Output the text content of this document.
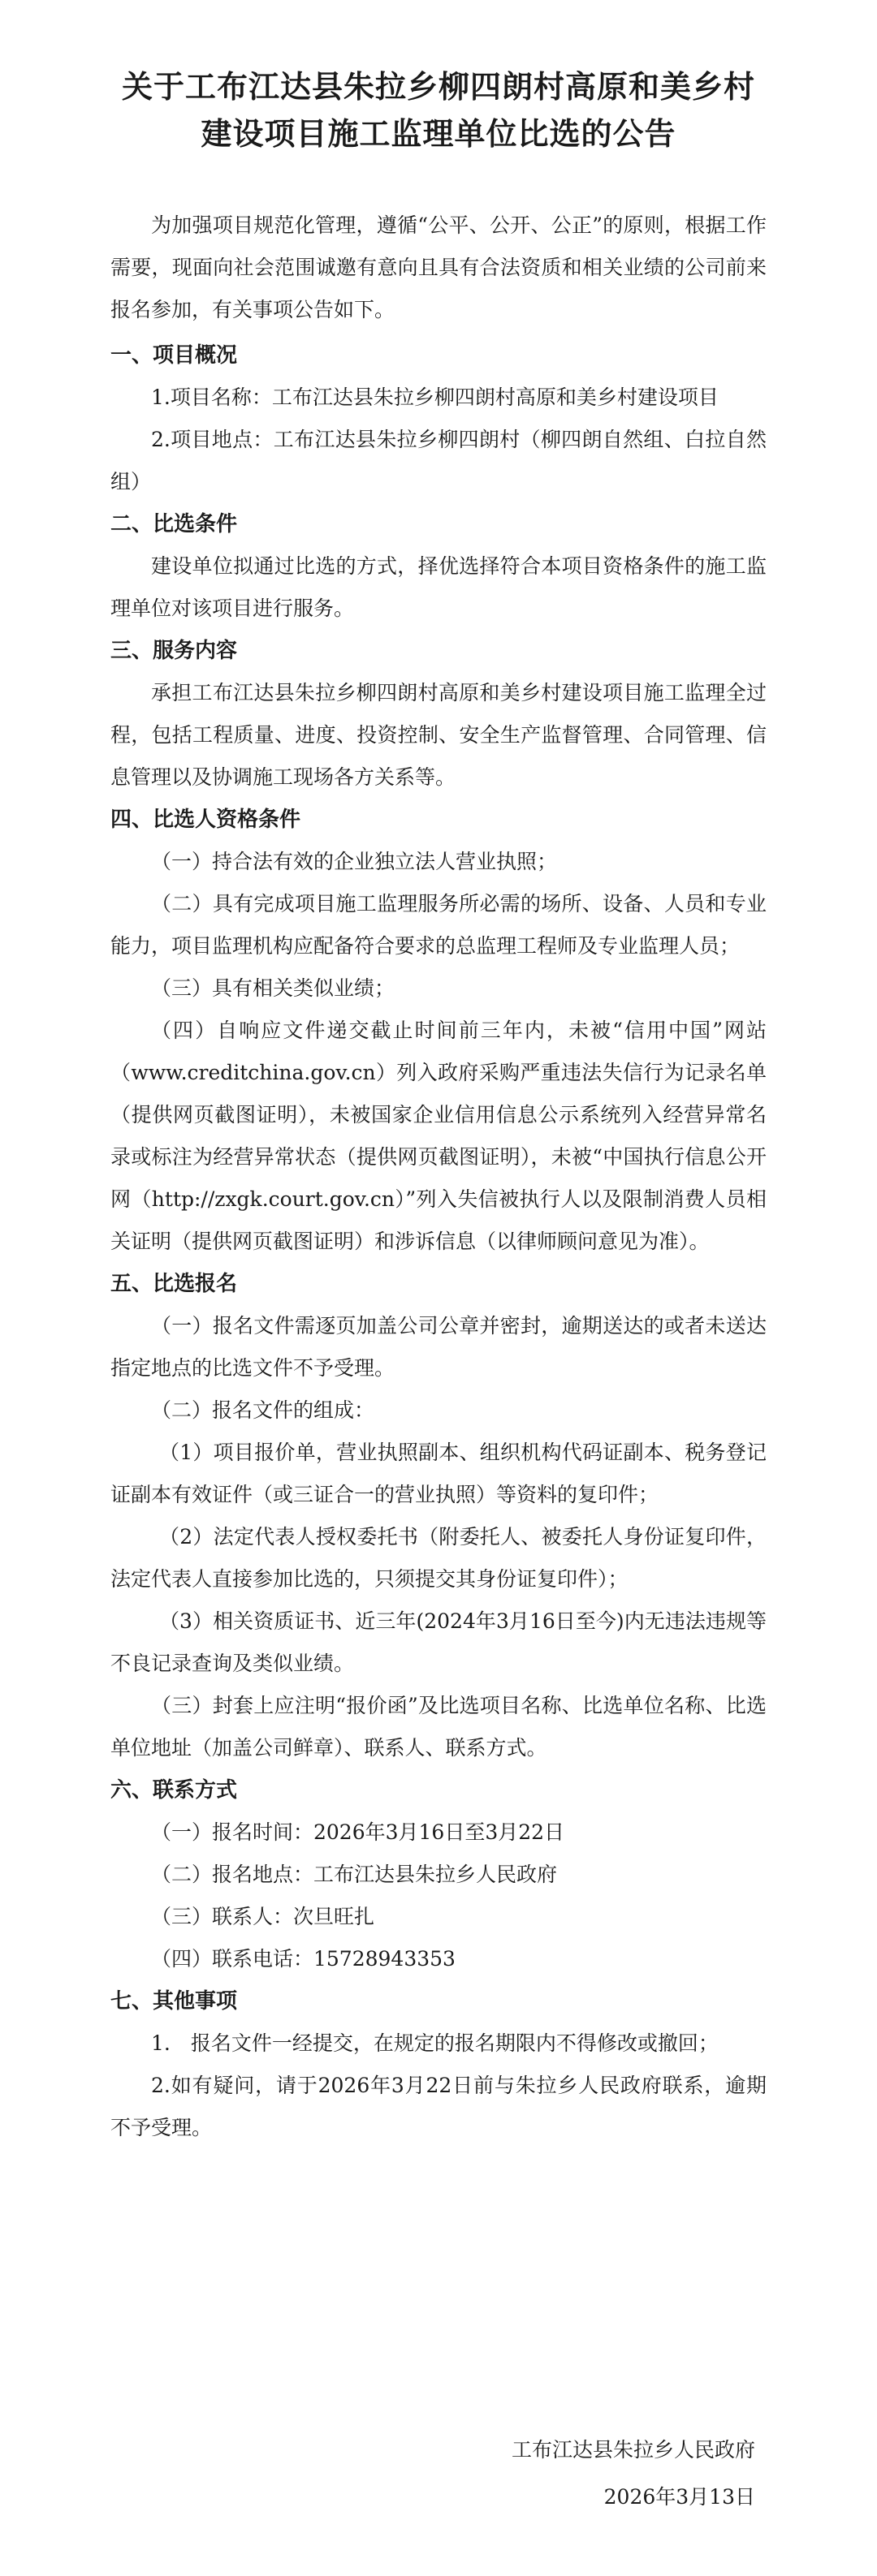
关于工布江达县朱拉乡柳四朗村高原和美乡村
建设项目施工监理单位比选的公告

为加强项目规范化管理，遵循“公平、公开、公正”的原则，根据工作需要，现面向社会范围诚邀有意向且具有合法资质和相关业绩的公司前来报名参加，有关事项公告如下。

一、项目概况

1.项目名称：工布江达县朱拉乡柳四朗村高原和美乡村建设项目

2.项目地点：工布江达县朱拉乡柳四朗村（柳四朗自然组、白拉自然组）

二、比选条件

建设单位拟通过比选的方式，择优选择符合本项目资格条件的施工监理单位对该项目进行服务。

三、服务内容

承担工布江达县朱拉乡柳四朗村高原和美乡村建设项目施工监理全过程，包括工程质量、进度、投资控制、安全生产监督管理、合同管理、信息管理以及协调施工现场各方关系等。

四、比选人资格条件

（一）持合法有效的企业独立法人营业执照；

（二）具有完成项目施工监理服务所必需的场所、设备、人员和专业能力，项目监理机构应配备符合要求的总监理工程师及专业监理人员；

（三）具有相关类似业绩；

（四）自响应文件递交截止时间前三年内，未被“信用中国”网站（www.creditchina.gov.cn）列入政府采购严重违法失信行为记录名单（提供网页截图证明），未被国家企业信用信息公示系统列入经营异常名录或标注为经营异常状态（提供网页截图证明），未被“中国执行信息公开网（http://zxgk.court.gov.cn）”列入失信被执行人以及限制消费人员相关证明（提供网页截图证明）和涉诉信息（以律师顾问意见为准）。

五、比选报名

（一）报名文件需逐页加盖公司公章并密封，逾期送达的或者未送达指定地点的比选文件不予受理。

（二）报名文件的组成：

（1）项目报价单，营业执照副本、组织机构代码证副本、税务登记证副本有效证件（或三证合一的营业执照）等资料的复印件；

（2）法定代表人授权委托书（附委托人、被委托人身份证复印件，法定代表人直接参加比选的，只须提交其身份证复印件）；

（3）相关资质证书、近三年(2024年3月16日至今)内无违法违规等不良记录查询及类似业绩。

（三）封套上应注明“报价函”及比选项目名称、比选单位名称、比选单位地址（加盖公司鲜章）、联系人、联系方式。

六、联系方式

（一）报名时间：2026年3月16日至3月22日

（二）报名地点：工布江达县朱拉乡人民政府

（三）联系人：次旦旺扎

（四）联系电话：15728943353

七、其他事项

1.　报名文件一经提交，在规定的报名期限内不得修改或撤回；

2.如有疑问，请于2026年3月22日前与朱拉乡人民政府联系，逾期不予受理。

工布江达县朱拉乡人民政府
2026年3月13日
